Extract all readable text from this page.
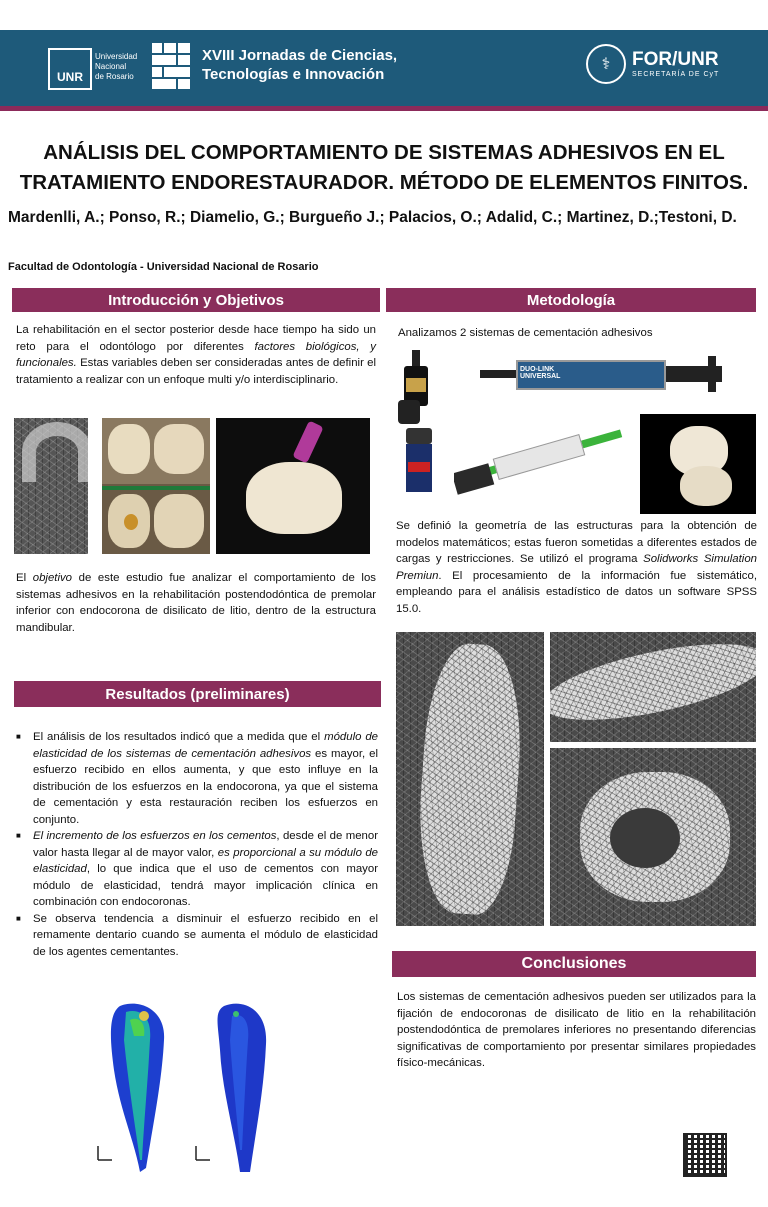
UNR
Universidad
Nacional
de Rosario
XVIII Jornadas de Ciencias,
Tecnologías e Innovación
⚕	FOR/UNR
SECRETARÍA DE CyT
ANÁLISIS DEL COMPORTAMIENTO DE SISTEMAS ADHESIVOS EN EL
TRATAMIENTO ENDORESTAURADOR. MÉTODO DE ELEMENTOS FINITOS.
Mardenlli, A.; Ponso, R.; Diamelio, G.; Burgueño J.; Palacios, O.; Adalid, C.; Martinez, D.;Testoni, D.
Facultad de Odontología - Universidad Nacional de Rosario
Introducción y Objetivos
La rehabilitación en el sector posterior desde hace tiempo ha sido un reto para el odontólogo por diferentes factores biológicos, y funcionales. Estas variables deben ser consideradas antes de definir el tratamiento a realizar con un enfoque multi y/o interdisciplinario.
El objetivo de este estudio fue analizar el comportamiento de los sistemas adhesivos en la rehabilitación postendodóntica de premolar inferior con endocorona de disilicato de litio, dentro de la estructura mandibular.
Metodología
Analizamos 2 sistemas de cementación adhesivos
DUO-LINK UNIVERSAL
Se definió la geometría de las estructuras para la obtención de modelos matemáticos; estas fueron sometidas a diferentes estados de cargas y restricciones. Se utilizó el programa Solidworks Simulation Premiun. El procesamiento de la información fue sistemático, empleando para el análisis estadístico de datos un software SPSS 15.0.
Resultados (preliminares)
■ El análisis de los resultados indicó que a medida que el módulo de elasticidad de los sistemas de cementación adhesivos es mayor, el esfuerzo recibido en ellos aumenta, y que esto influye en la distribución de los esfuerzos en la endocorona, ya que el sistema de cementación y esta restauración reciben los esfuerzos en conjunto.
■ El incremento de los esfuerzos en los cementos, desde el de menor valor hasta llegar al de mayor valor, es proporcional a su módulo de elasticidad, lo que indica que el uso de cementos con mayor módulo de elasticidad, tendrá mayor implicación clínica en combinación con endocoronas.
■ Se observa tendencia a disminuir el esfuerzo recibido en el remamente dentario cuando se aumenta el módulo de elasticidad de los agentes cementantes.
Conclusiones
Los sistemas de cementación adhesivos pueden ser utilizados para la fijación de endocoronas de disilicato de litio en la rehabilitación postendodóntica de premolares inferiores no presentando diferencias significativas de comportamiento por presentar similares propiedades físico-mecánicas.
